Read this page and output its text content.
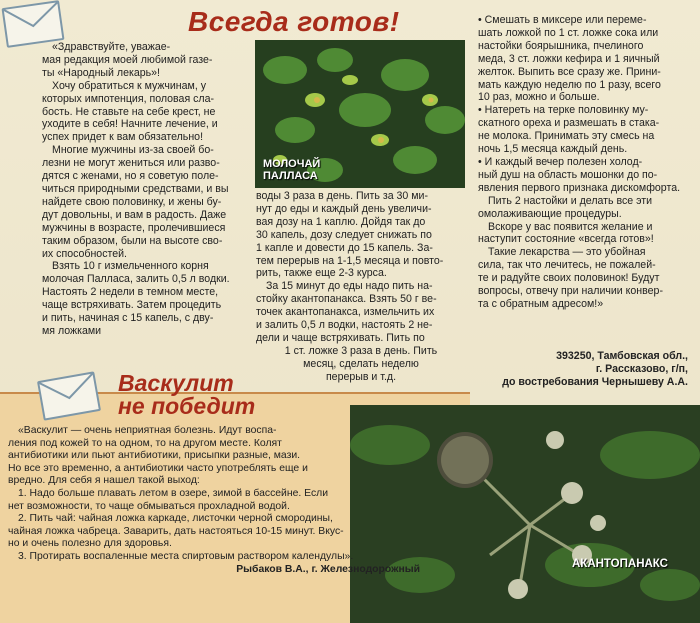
Всегда готов!
«Здравствуйте, уважае-
мая редакция моей любимой газе-
ты «Народный лекарь»!
Хочу обратиться к мужчинам, у
которых импотенция, половая сла-
бость. Не ставьте на себе крест, не
уходите в себя! Начните лечение, и
успех придет к вам обязательно!
Многие мужчины из-за своей бо-
лезни не могут жениться или разво-
дятся с женами, но я советую поле-
читься природными средствами, и вы
найдете свою половинку, и жены бу-
дут довольны, и вам в радость. Даже
мужчины в возрасте, пролечившиеся
таким образом, были на высоте сво-
их способностей.
Взять 10 г измельченного корня
молочая Палласа, залить 0,5 л водки.
Настоять 2 недели в темном месте,
чаще встряхивать. Затем процедить
и пить, начиная с 15 капель, с дву-
мя ложками
МОЛОЧАЙ
ПАЛЛАСА
воды 3 раза в день. Пить за 30 ми-
нут до еды и каждый день увеличи-
вая дозу на 1 каплю. Дойдя так до
30 капель, дозу следует снижать по
1 капле и довести до 15 капель. За-
тем перерыв на 1-1,5 месяца и повто-
рить, также еще 2-3 курса.
За 15 минут до еды надо пить на-
стойку акантопанакса. Взять 50 г ве-
точек акантопанакса, измельчить их
и залить 0,5 л водки, настоять 2 не-
дели и чаще встряхивать. Пить по
1 ст. ложке 3 раза в день. Пить
месяц, сделать неделю
перерыв и т.д.
• Смешать в миксере или переме-
шать ложкой по 1 ст. ложке сока или
настойки боярышника, пчелиного
меда, 3 ст. ложки кефира и 1 яичный
желток. Выпить все сразу же. Прини-
мать каждую неделю по 1 разу, всего
10 раз, можно и больше.
• Натереть на терке половинку му-
скатного ореха и размешать в стака-
не молока. Принимать эту смесь на
ночь 1,5 месяца каждый день.
• И каждый вечер полезен холод-
ный душ на область мошонки до по-
явления первого признака дискомфорта.
Пить 2 настойки и делать все эти
омолаживающие процедуры.
Вскоре у вас появится желание и
наступит состояние «всегда готов»!
Такие лекарства — это убойная
сила, так что лечитесь, не пожалей-
те и радуйте своих половинок! Будут
вопросы, отвечу при наличии конвер-
та с обратным адресом!»
393250, Тамбовская обл.,
г. Рассказово, г/п,
до востребования Чернышеву А.А.
АКАНТОПАНАКС
Васкулит
не победит
«Васкулит — очень неприятная болезнь. Идут воспа-
ления под кожей то на одном, то на другом месте. Колят
антибиотики или пьют антибиотики, присыпки разные, мази.
Но все это временно, а антибиотики часто употреблять еще и
вредно. Для себя я нашел такой выход:
1. Надо больше плавать летом в озере, зимой в бассейне. Если
нет возможности, то чаще обмываться прохладной водой.
2. Пить чай: чайная ложка каркаде, листочки черной смородины,
чайная ложка чабреца. Заварить, дать настояться 10-15 минут. Вкус-
но и очень полезно для здоровья.
3. Протирать воспаленные места спиртовым раствором календулы».
Рыбаков В.А., г. Железнодорожный
